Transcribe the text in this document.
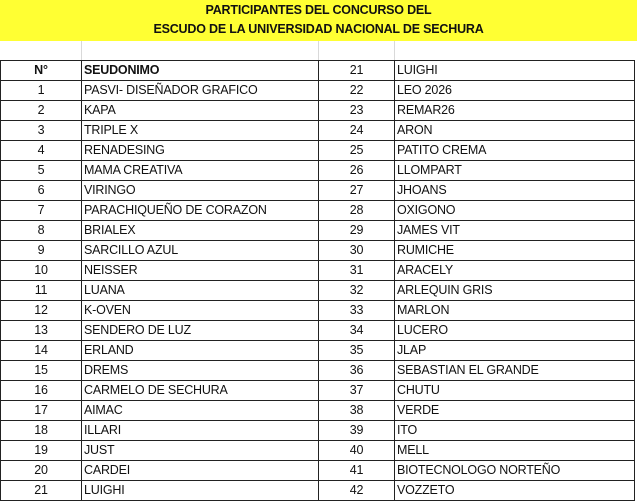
PARTICIPANTES DEL CONCURSO DEL
ESCUDO DE LA UNIVERSIDAD NACIONAL DE SECHURA
N°	SEUDONIMO	21	LUIGHI
1	PASVI- DISEÑADOR GRAFICO	22	LEO 2026
2	KAPA	23	REMAR26
3	TRIPLE X	24	ARON
4	RENADESING	25	PATITO CREMA
5	MAMA CREATIVA	26	LLOMPART
6	VIRINGO	27	JHOANS
7	PARACHIQUEÑO DE CORAZON	28	OXIGONO
8	BRIALEX	29	JAMES VIT
9	SARCILLO AZUL	30	RUMICHE
10	NEISSER	31	ARACELY
11	LUANA	32	ARLEQUIN GRIS
12	K-OVEN	33	MARLON
13	SENDERO DE LUZ	34	LUCERO
14	ERLAND	35	JLAP
15	DREMS	36	SEBASTIAN EL GRANDE
16	CARMELO DE SECHURA	37	CHUTU
17	AIMAC	38	VERDE
18	ILLARI	39	ITO
19	JUST	40	MELL
20	CARDEI	41	BIOTECNOLOGO NORTEÑO
21	LUIGHI	42	VOZZETO
